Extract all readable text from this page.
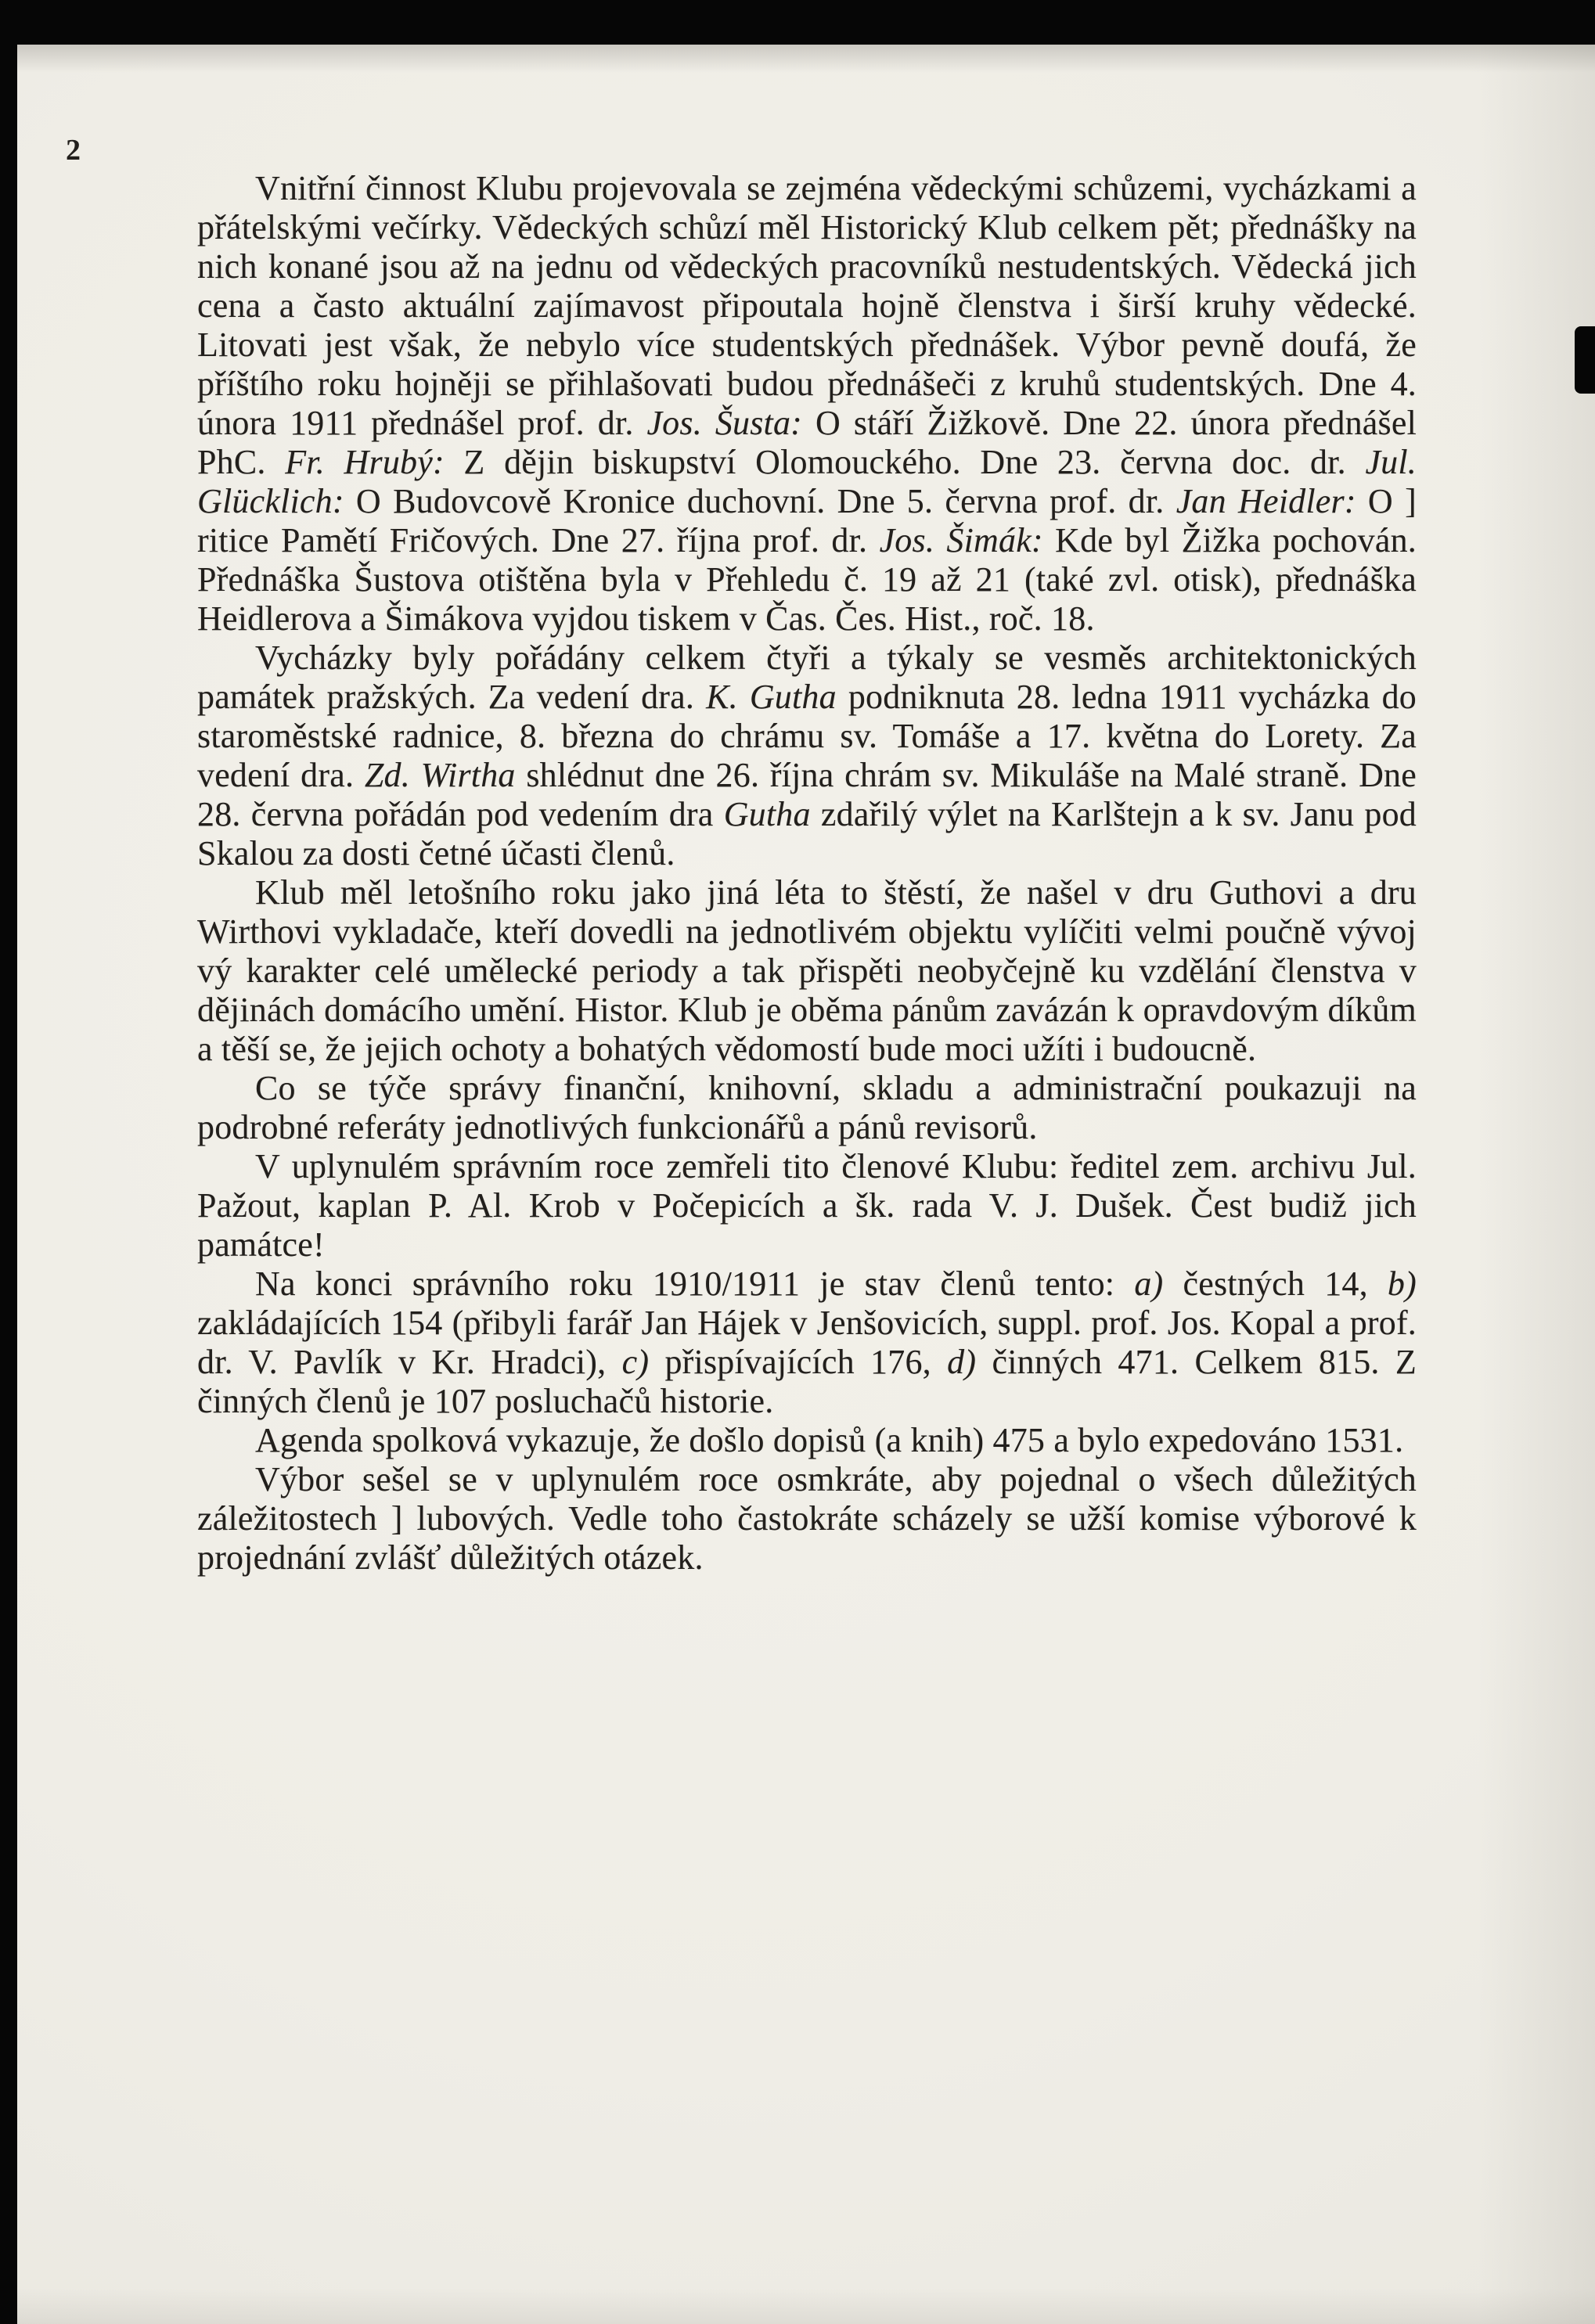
2

Vnitřní činnost Klubu projevovala se zejména vědeckými schůzemi, vycházkami a přátelskými večírky. Vědeckých schůzí měl Historický Klub celkem pět; přednášky na nich konané jsou až na jednu od vědeckých pracovníků nestudentských. Vědecká jich cena a často aktuální zajímavost připoutala hojně členstva i širší kruhy vědecké. Litovati jest však, že nebylo více studentských přednášek. Výbor pevně doufá, že příštího roku hojněji se přihlašovati budou přednášeči z kruhů studentských. Dne 4. února 1911 přednášel prof. dr. Jos. Šusta: O stáří Žižkově. Dne 22. února přednášel PhC. Fr. Hrubý: Z dějin biskupství Olomouckého. Dne 23. června doc. dr. Jul. Glücklich: O Budovcově Kronice duchovní. Dne 5. června prof. dr. Jan Heidler: O ] ritice Pamětí Fričových. Dne 27. října prof. dr. Jos. Šimák: Kde byl Žižka pochován. Přednáška Šustova otištěna byla v Přehledu č. 19 až 21 (také zvl. otisk), přednáška Heidlerova a Šimákova vyjdou tiskem v Čas. Čes. Hist., roč. 18.

Vycházky byly pořádány celkem čtyři a týkaly se vesměs architektonických památek pražských. Za vedení dra. K. Gutha podniknuta 28. ledna 1911 vycházka do staroměstské radnice, 8. března do chrámu sv. Tomáše a 17. května do Lorety. Za vedení dra. Zd. Wirtha shlédnut dne 26. října chrám sv. Mikuláše na Malé straně. Dne 28. června pořádán pod vedením dra Gutha zdařilý výlet na Karlštejn a k sv. Janu pod Skalou za dosti četné účasti členů.

Klub měl letošního roku jako jiná léta to štěstí, že našel v dru Guthovi a dru Wirthovi vykladače, kteří dovedli na jednotlivém objektu vylíčiti velmi poučně vývoj vý karakter celé umělecké periody a tak přispěti neobyčejně ku vzdělání členstva v dějinách domácího umění. Histor. Klub je oběma pánům zavázán k opravdovým díkům a těší se, že jejich ochoty a bohatých vědomostí bude moci užíti i budoucně.

Co se týče správy finanční, knihovní, skladu a administrační poukazuji na podrobné referáty jednotlivých funkcionářů a pánů revisorů.

V uplynulém správním roce zemřeli tito členové Klubu: ředitel zem. archivu Jul. Pažout, kaplan P. Al. Krob v Počepicích a šk. rada V. J. Dušek. Čest budiž jich památce!

Na konci správního roku 1910/1911 je stav členů tento: a) čestných 14, b) zakládajících 154 (přibyli farář Jan Hájek v Jenšovicích, suppl. prof. Jos. Kopal a prof. dr. V. Pavlík v Kr. Hradci), c) přispívajících 176, d) činných 471. Celkem 815. Z činných členů je 107 posluchačů historie.

Agenda spolková vykazuje, že došlo dopisů (a knih) 475 a bylo expedováno 1531.

Výbor sešel se v uplynulém roce osmkráte, aby pojednal o všech důležitých záležitostech ] lubových. Vedle toho častokráte scházely se užší komise výborové k projednání zvlášť důležitých otázek.
